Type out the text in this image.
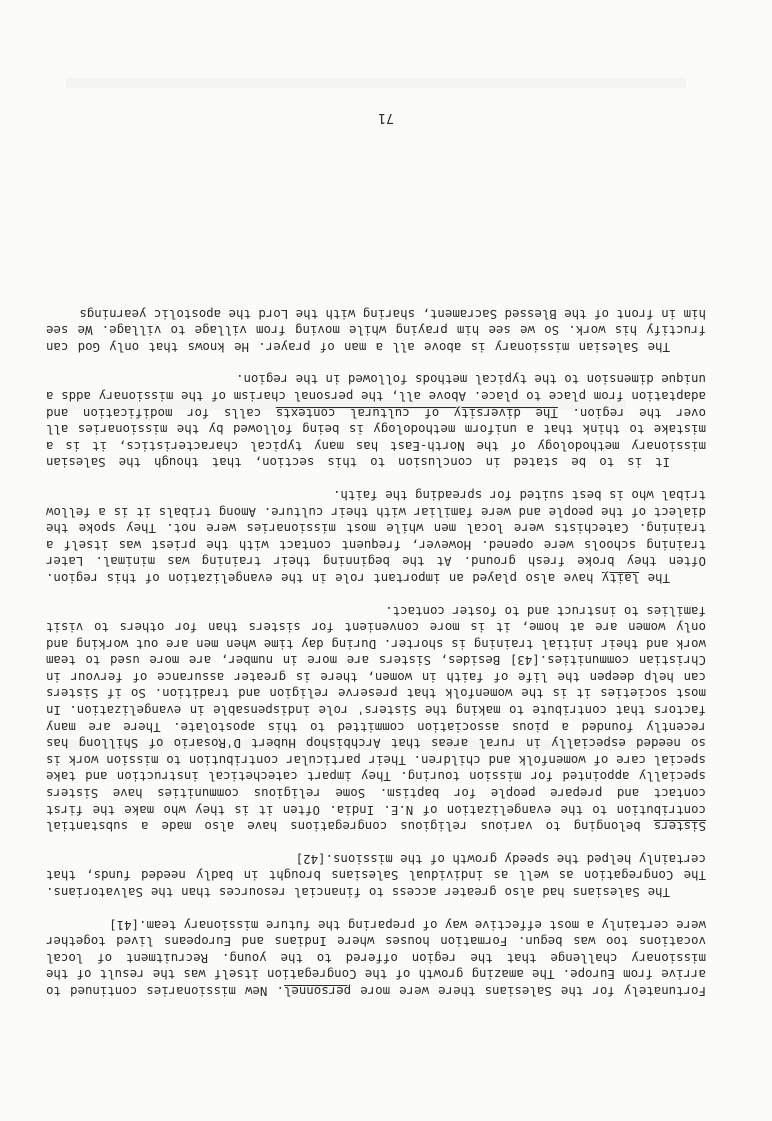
Fortunately for the Salesians there were more personnel. New missionaries continued to arrive from Europe. The amazing growth of the Congregation itself was the result of the missionary challenge that the region offered to the young. Recruitment of local vocations too was begun. Formation houses where Indians and Europeans lived together were certainly a most effective way of preparing the future missionary team.[41]

The Salesians had also greater access to financial resources than the Salvatorians. The Congregation as well as individual Salesians brought in badly needed funds, that certainly helped the speedy growth of the missions.[42]

Sisters belonging to various religious congregations have also made a substantial contribution to the evangelization of N.E. India. Often it is they who make the first contact and prepare people for baptism. Some religious communities have Sisters specially appointed for mission touring. They impart catechetical instruction and take special care of womenfolk and children. Their particular contribution to mission work is so needed especially in rural areas that Archbishop Hubert D'Rosario of Shillong has recently founded a pious association committed to this apostolate. There are many factors that contribute to making the Sisters' role indispensable in evangelization. In most societies it is the womenfolk that preserve religion and tradition. So if Sisters can help deepen the life of faith in women, there is greater assurance of fervour in Christian communities.[43] Besides, Sisters are more in number, are more used to team work and their initial training is shorter. During day time when men are out working and only women are at home, it is more convenient for sisters than for others to visit families to instruct and to foster contact.

The laity have also played an important role in the evangelization of this region. Often they broke fresh ground. At the beginning their training was minimal. Later training schools were opened. However, frequent contact with the priest was itself a training. Catechists were local men while most missionaries were not. They spoke the dialect of the people and were familiar with their culture. Among tribals it is a fellow tribal who is best suited for spreading the faith.

It is to be stated in conclusion to this section, that though the Salesian missionary methodology of the North-East has many typical characteristics, it is a mistake to think that a uniform methodology is being followed by the missionaries all over the region. The diversity of cultural contexts calls for modification and adaptation from place to place. Above all, the personal charism of the missionary adds a unique dimension to the typical methods followed in the region.

The Salesian missionary is above all a man of prayer. He knows that only God can fructify his work. So we see him praying while moving from village to village. We see him in front of the Blessed Sacrament, sharing with the Lord the apostolic yearnings

71
